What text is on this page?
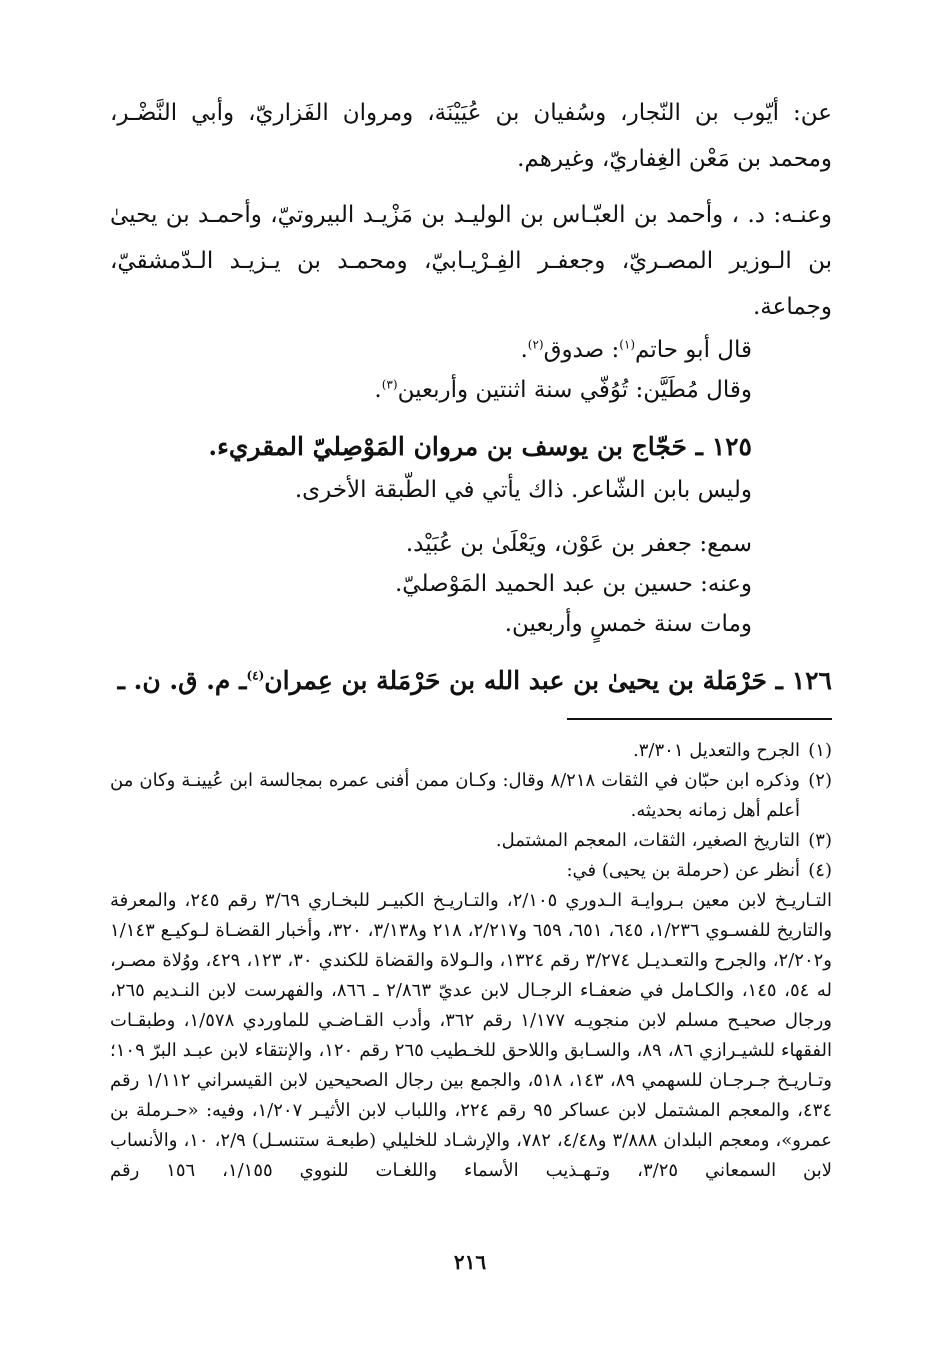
عن: أيّوب بن النّجار، وسُفيان بن عُيَيْنَة، ومروان الفَزاريّ، وأبي النَّضْـر، ومحمد بن مَعْن الغِفاريّ، وغيرهم.

وعنـه: د. ، وأحمد بن العبّـاس بن الوليـد بن مَزْيـد البيروتيّ، وأحمـد بن يحيىٰ بن الـوزير المصـريّ، وجعفـر الفِـرْيـابيّ، ومحمـد بن يـزيـد الـدّمشقيّ، وجماعة.

قال أبو حاتم$^{(١)}$: صدوق$^{(٢)}$.

وقال مُطَيَّن: تُوُفّي سنة اثنتين وأربعين$^{(٣)}$.

١٢٥ ـ حَجّاج بن يوسف بن مروان المَوْصِليّ المقريء.

وليس بابن الشّاعر. ذاك يأتي في الطّبقة الأخرى.

سمع: جعفر بن عَوْن، ويَعْلَىٰ بن عُبَيْد.

وعنه: حسين بن عبد الحميد المَوْصليّ.

ومات سنة خمسٍ وأربعين.

١٢٦ ـ حَرْمَلة بن يحيىٰ بن عبد الله بن حَرْمَلة بن عِمران$^{(٤)}$ـ م. ق. ن. ـ

(١)
الجرح والتعديل ٣/٣٠١.
(٢)
وذكره ابن حبّان في الثقات ٨/٢١٨ وقال: وكـان ممن أفنى عمره بمجالسة ابن عُيينـة وكان من أعلم أهل زمانه بحديثه.
(٣)
التاريخ الصغير، الثقات، المعجم المشتمل.
(٤)
أنظر عن (حرملة بن يحيى) في:

التـاريـخ لابن معين بـروايـة الـدوري ٢/١٠٥، والتـاريـخ الكبيـر للبخـاري ٣/٦٩ رقم ٢٤٥، والمعرفة والتاريخ للفسـوي ١/٢٣٦، ٦٤٥، ٦٥١، ٦٥٩ و٢/٢١٧، ٢١٨ و٣/١٣٨، ٣٢٠، وأخبار القضـاة لـوكيـع ١/١٤٣ و٢/٢٠٢، والجرح والتعـديـل ٣/٢٧٤ رقم ١٣٢٤، والـولاة والقضاة للكندي ٣٠، ١٢٣، ٤٢٩، ووُلاة مصـر، له ٥٤، ١٤٥، والكـامل في ضعفـاء الرجـال لابن عديّ ٢/٨٦٣ ـ ٨٦٦، والفهرست لابن النـديم ٢٦٥، ورجال صحيـح مسلم لابن منجويـه ١/١٧٧ رقم ٣٦٢، وأدب القـاضـي للماوردي ١/٥٧٨، وطبقـات الفقهاء للشيـرازي ٨٦، ٨٩، والسـابق واللاحق للخـطيب ٢٦٥ رقم ١٢٠، والإنتقاء لابن عبـد البرّ ١٠٩؛ وتـاريـخ جـرجـان للسهمي ٨٩، ١٤٣، ٥١٨، والجمع بين رجال الصحيحين لابن القيسراني ١/١١٢ رقم ٤٣٤، والمعجم المشتمل لابن عساكر ٩٥ رقم ٢٢٤، واللباب لابن الأثيـر ١/٢٠٧، وفيه: «حـرملة بن عمرو»، ومعجم البلدان ٣/٨٨٨ و٤/٤٨، ٧٨٢، والإرشـاد للخليلي (طبعـة ستنسـل) ٢/٩، ١٠، والأنساب لابن السمعاني ٣/٢٥، وتـهـذيب الأسماء واللغـات للنووي ١/١٥٥، ١٥٦ رقم

٢١٦
